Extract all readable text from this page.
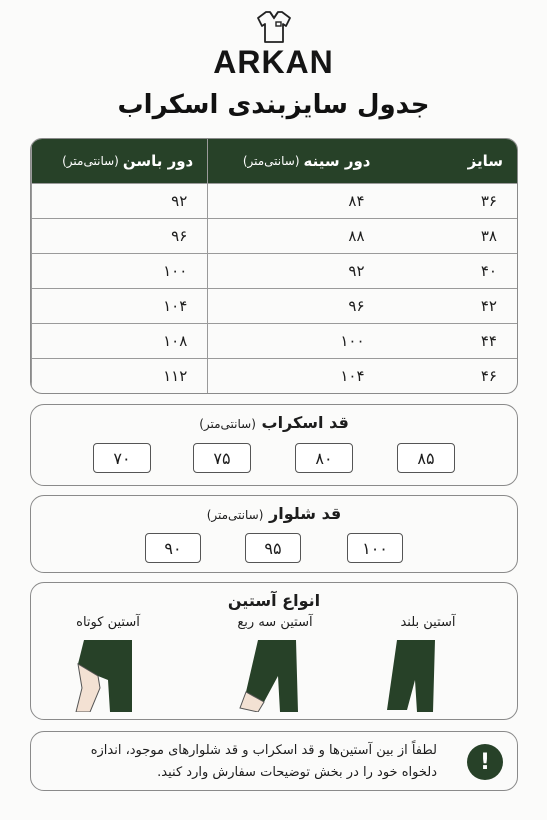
ARKAN
جدول سایزبندی اسکراب
سایز
دور سینه
(سانتی‌متر)
دور باسن
(سانتی‌متر)
۳۶
۸۴
۹۲
۳۸
۸۸
۹۶
۴۰
۹۲
۱۰۰
۴۲
۹۶
۱۰۴
۴۴
۱۰۰
۱۰۸
۴۶
۱۰۴
۱۱۲
قد اسکراب (سانتی‌متر)
۸۵
۸۰
۷۵
۷۰
قد شلوار (سانتی‌متر)
۱۰۰
۹۵
۹۰
انواع آستین
آستین بلند
آستین سه ربع
آستین کوتاه
!
لطفاً از بین آستین‌ها و قد اسکراب و قد شلوارهای موجود، اندازه دلخواه خود را در بخش توضیحات سفارش وارد کنید.
